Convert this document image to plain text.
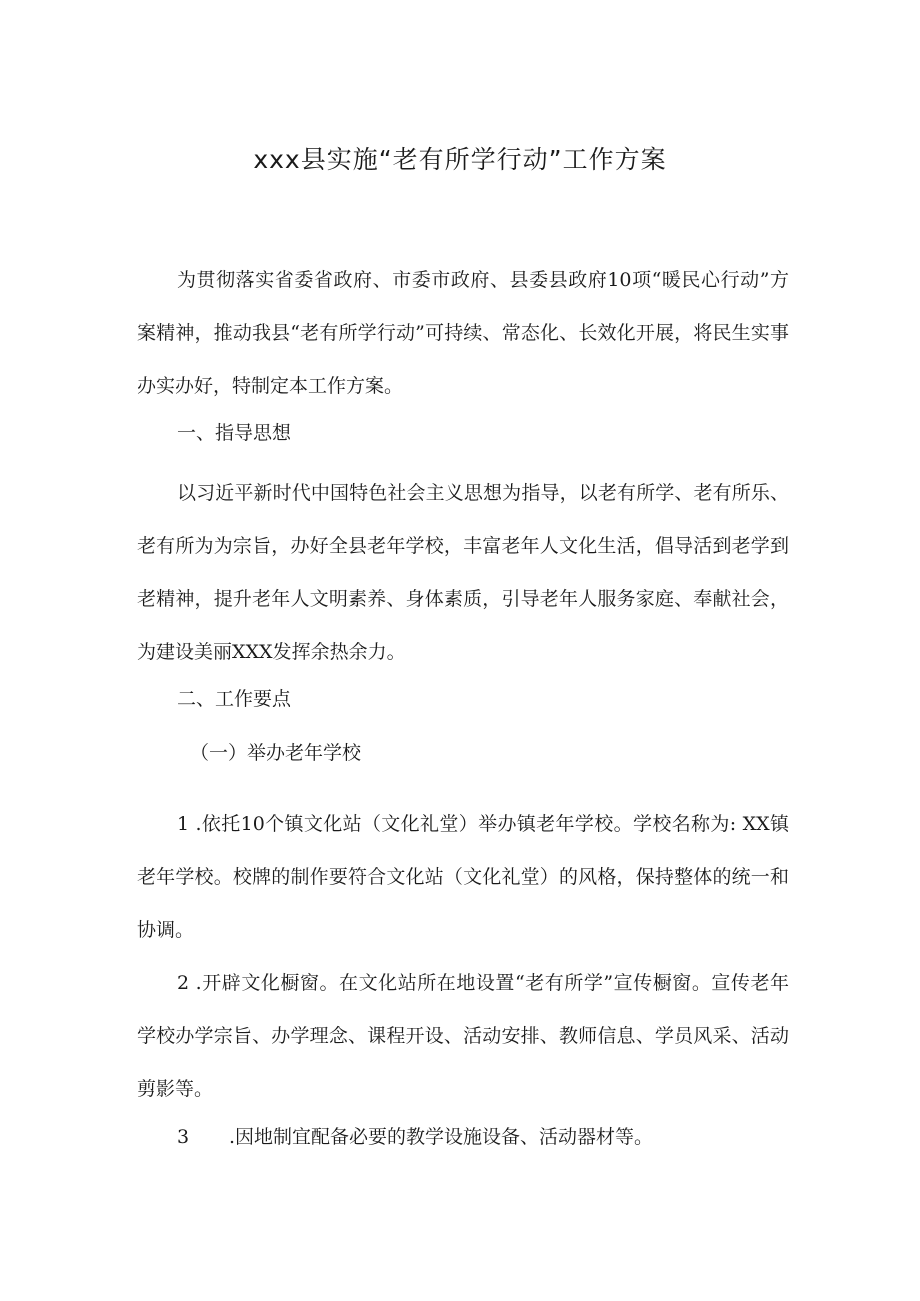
xxx县实施“老有所学行动”工作方案

为贯彻落实省委省政府、市委市政府、县委县政府10项“暖民心行动”方案精神，推动我县“老有所学行动”可持续、常态化、长效化开展，将民生实事办实办好，特制定本工作方案。

一、指导思想

以习近平新时代中国特色社会主义思想为指导，以老有所学、老有所乐、老有所为为宗旨，办好全县老年学校，丰富老年人文化生活，倡导活到老学到老精神，提升老年人文明素养、身体素质，引导老年人服务家庭、奉献社会，为建设美丽XXX发挥余热余力。

二、工作要点

（一）举办老年学校

1 .依托10个镇文化站（文化礼堂）举办镇老年学校。学校名称为: XX镇老年学校。校牌的制作要符合文化站（文化礼堂）的风格，保持整体的统一和协调。

2 .开辟文化橱窗。在文化站所在地设置“老有所学”宣传橱窗。宣传老年学校办学宗旨、办学理念、课程开设、活动安排、教师信息、学员风采、活动剪影等。

3 .因地制宜配备必要的教学设施设备、活动器材等。
